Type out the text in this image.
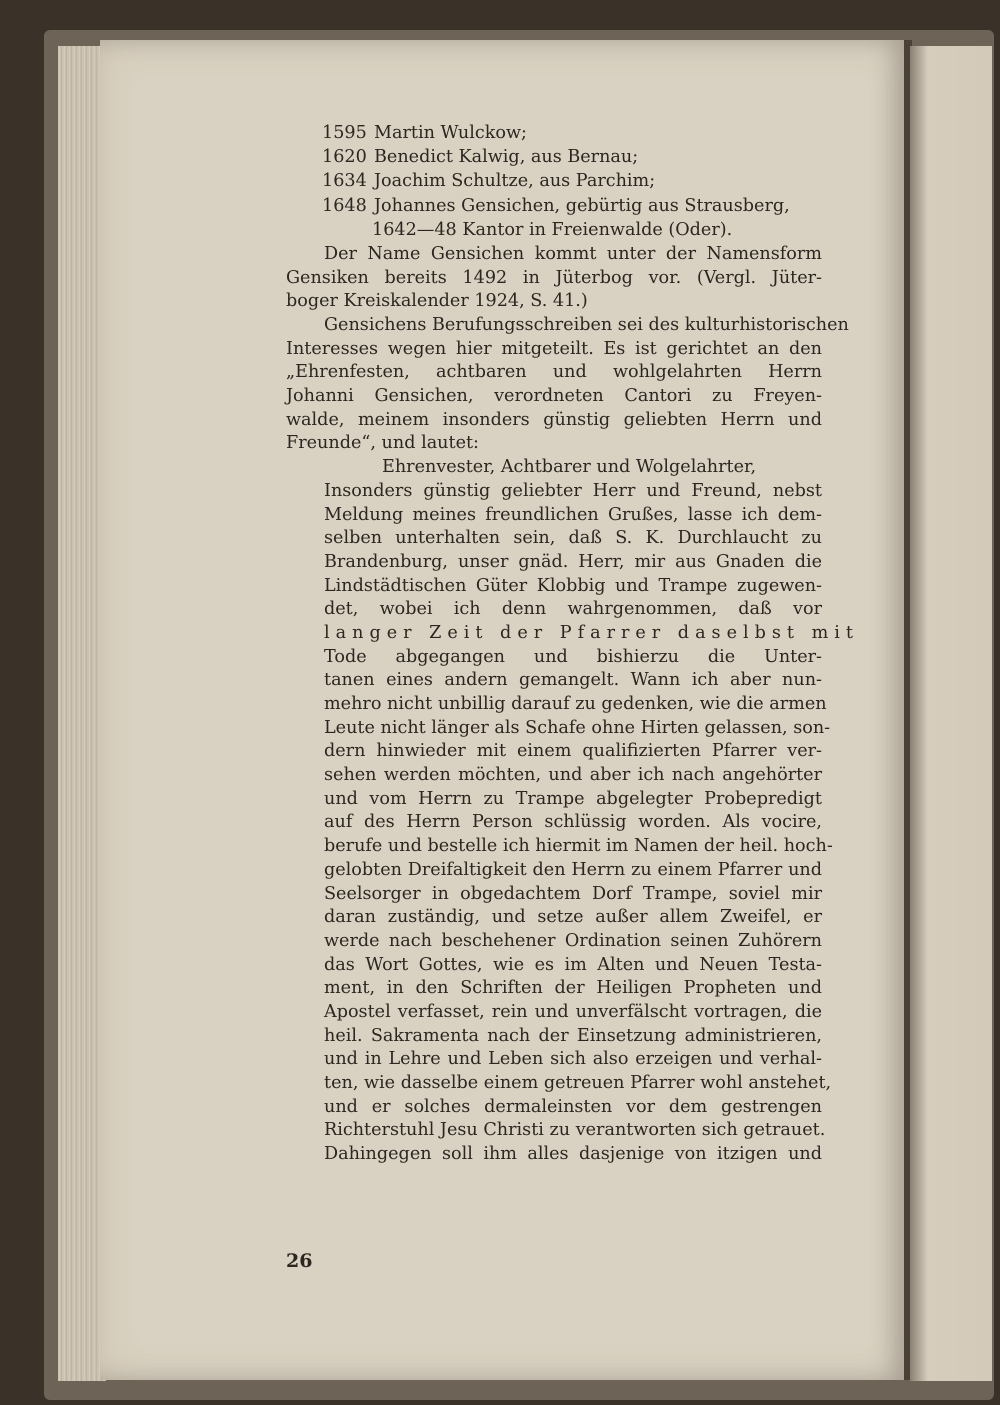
1595 Martin Wulckow;
1620 Benedict Kalwig, aus Bernau;
1634 Joachim Schultze, aus Parchim;
1648 Johannes Gensichen, gebürtig aus Strausberg,
1642—48 Kantor in Freienwalde (Oder).
Der Name Gensichen kommt unter der Namensform
Gensiken bereits 1492 in Jüterbog vor. (Vergl. Jüter-
boger Kreiskalender 1924, S. 41.)
Gensichens Berufungsschreiben sei des kulturhistorischen
Interesses wegen hier mitgeteilt. Es ist gerichtet an den
„Ehrenfesten, achtbaren und wohlgelahrten Herrn
Johanni Gensichen, verordneten Cantori zu Freyen-
walde, meinem insonders günstig geliebten Herrn und
Freunde“, und lautet:
Ehrenvester, Achtbarer und Wolgelahrter,
Insonders günstig geliebter Herr und Freund, nebst
Meldung meines freundlichen Grußes, lasse ich dem-
selben unterhalten sein, daß S. K. Durchlaucht zu
Brandenburg, unser gnäd. Herr, mir aus Gnaden die
Lindstädtischen Güter Klobbig und Trampe zugewen-
det, wobei ich denn wahrgenommen, daß vor
langer Zeit der Pfarrer daselbst mit
Tode abgegangen und bishierzu die Unter-
tanen eines andern gemangelt. Wann ich aber nun-
mehro nicht unbillig darauf zu gedenken, wie die armen
Leute nicht länger als Schafe ohne Hirten gelassen, son-
dern hinwieder mit einem qualifizierten Pfarrer ver-
sehen werden möchten, und aber ich nach angehörter
und vom Herrn zu Trampe abgelegter Probepredigt
auf des Herrn Person schlüssig worden. Als vocire,
berufe und bestelle ich hiermit im Namen der heil. hoch-
gelobten Dreifaltigkeit den Herrn zu einem Pfarrer und
Seelsorger in obgedachtem Dorf Trampe, soviel mir
daran zuständig, und setze außer allem Zweifel, er
werde nach beschehener Ordination seinen Zuhörern
das Wort Gottes, wie es im Alten und Neuen Testa-
ment, in den Schriften der Heiligen Propheten und
Apostel verfasset, rein und unverfälscht vortragen, die
heil. Sakramenta nach der Einsetzung administrieren,
und in Lehre und Leben sich also erzeigen und verhal-
ten, wie dasselbe einem getreuen Pfarrer wohl anstehet,
und er solches dermaleinsten vor dem gestrengen
Richterstuhl Jesu Christi zu verantworten sich getrauet.
Dahingegen soll ihm alles dasjenige von itzigen und
26
